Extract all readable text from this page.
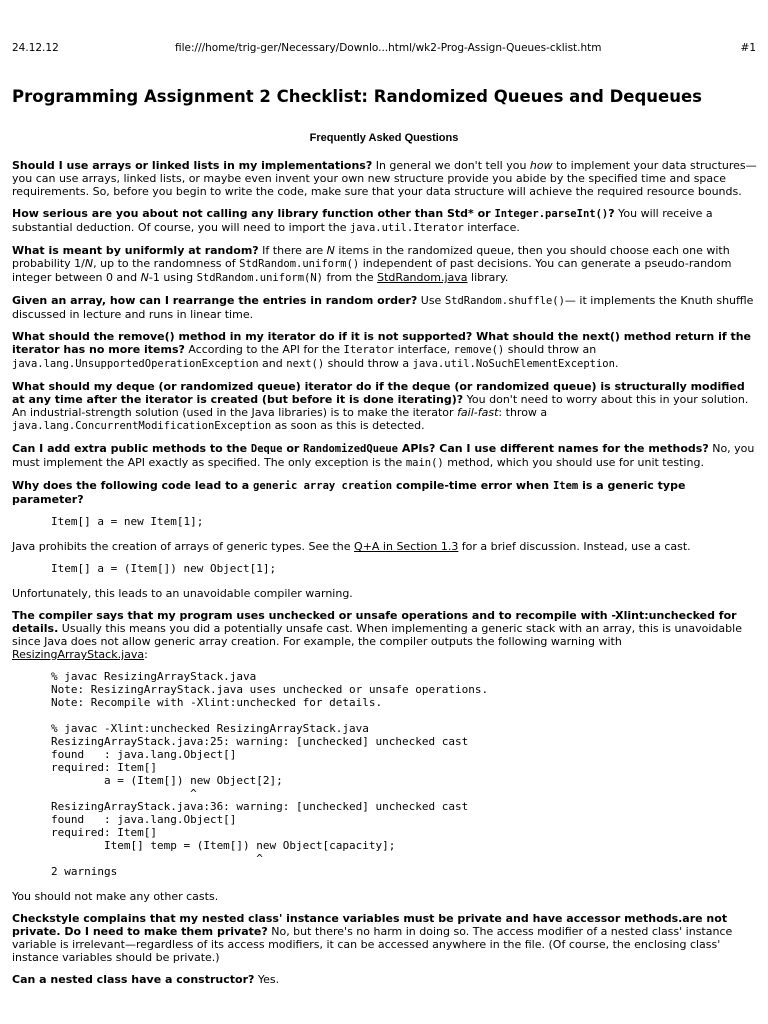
24.12.12	file:///home/trig-ger/Necessary/Downlo...html/wk2-Prog-Assign-Queues-cklist.htm	#1
Programming Assignment 2 Checklist: Randomized Queues and Dequeues
Frequently Asked Questions

Should I use arrays or linked lists in my implementations? In general we don't tell you how to implement your data structures—you can use arrays, linked lists, or maybe even invent your own new structure provide you abide by the specified time and space requirements. So, before you begin to write the code, make sure that your data structure will achieve the required resource bounds.

How serious are you about not calling any library function other than Std* or Integer.parseInt()? You will receive a substantial deduction. Of course, you will need to import the java.util.Iterator interface.

What is meant by uniformly at random? If there are N items in the randomized queue, then you should choose each one with probability 1/N, up to the randomness of StdRandom.uniform() independent of past decisions. You can generate a pseudo-random integer between 0 and N-1 using StdRandom.uniform(N) from the StdRandom.java library.

Given an array, how can I rearrange the entries in random order? Use StdRandom.shuffle()— it implements the Knuth shuffle discussed in lecture and runs in linear time.

What should the remove() method in my iterator do if it is not supported? What should the next() method return if the iterator has no more items? According to the API for the Iterator interface, remove() should throw an java.lang.UnsupportedOperationException and next() should throw a java.util.NoSuchElementException.

What should my deque (or randomized queue) iterator do if the deque (or randomized queue) is structurally modified at any time after the iterator is created (but before it is done iterating)? You don't need to worry about this in your solution. An industrial-strength solution (used in the Java libraries) is to make the iterator fail-fast: throw a java.lang.ConcurrentModificationException as soon as this is detected.

Can I add extra public methods to the Deque or RandomizedQueue APIs? Can I use different names for the methods? No, you must implement the API exactly as specified. The only exception is the main() method, which you should use for unit testing.

Why does the following code lead to a generic array creation compile-time error when Item is a generic type parameter?

Item[] a = new Item[1];

Java prohibits the creation of arrays of generic types. See the Q+A in Section 1.3 for a brief discussion. Instead, use a cast.

Item[] a = (Item[]) new Object[1];

Unfortunately, this leads to an unavoidable compiler warning.

The compiler says that my program uses unchecked or unsafe operations and to recompile with -Xlint:unchecked for details. Usually this means you did a potentially unsafe cast. When implementing a generic stack with an array, this is unavoidable since Java does not allow generic array creation. For example, the compiler outputs the following warning with ResizingArrayStack.java:

% javac ResizingArrayStack.java
Note: ResizingArrayStack.java uses unchecked or unsafe operations.
Note: Recompile with -Xlint:unchecked for details.

% javac -Xlint:unchecked ResizingArrayStack.java
ResizingArrayStack.java:25: warning: [unchecked] unchecked cast
found   : java.lang.Object[]
required: Item[]
a = (Item[]) new Object[2];
^
ResizingArrayStack.java:36: warning: [unchecked] unchecked cast
found   : java.lang.Object[]
required: Item[]
Item[] temp = (Item[]) new Object[capacity];
^
2 warnings

You should not make any other casts.

Checkstyle complains that my nested class' instance variables must be private and have accessor methods.are not private. Do I need to make them private? No, but there's no harm in doing so. The access modifier of a nested class' instance variable is irrelevant—regardless of its access modifiers, it can be accessed anywhere in the file. (Of course, the enclosing class' instance variables should be private.)

Can a nested class have a constructor? Yes.
